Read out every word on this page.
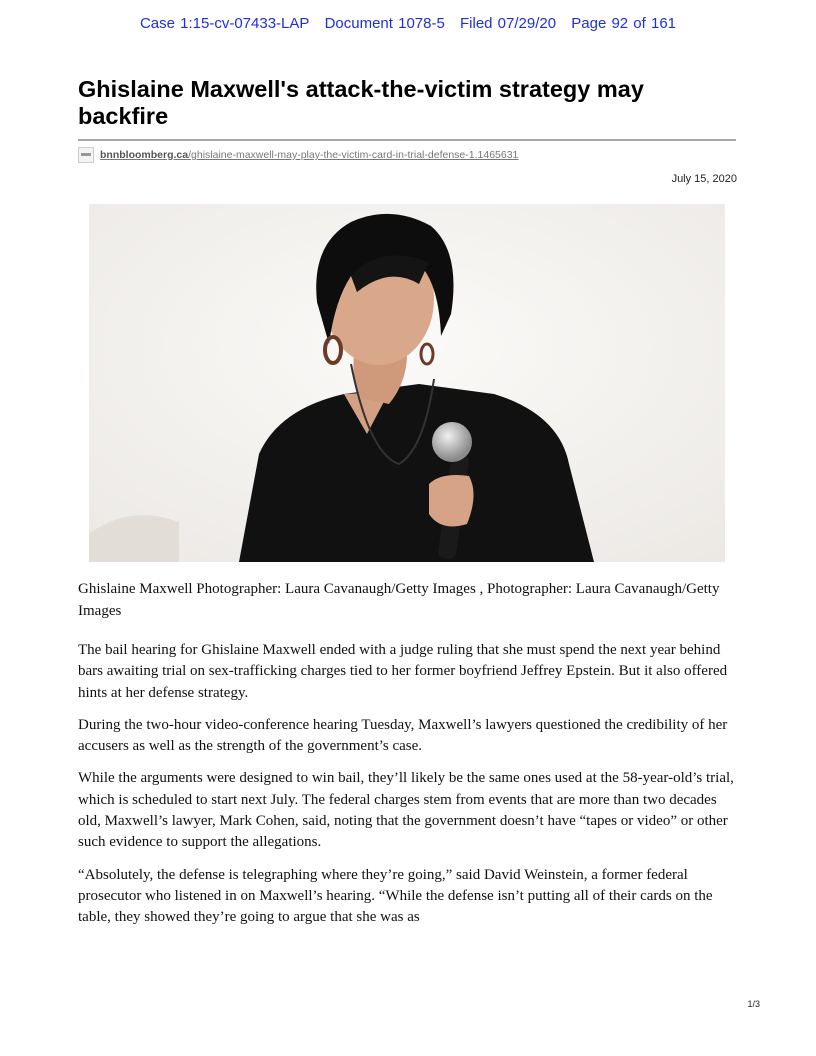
Case 1:15-cv-07433-LAP Document 1078-5 Filed 07/29/20 Page 92 of 161
Ghislaine Maxwell's attack-the-victim strategy may backfire
bnnbloomberg.ca/ghislaine-maxwell-may-play-the-victim-card-in-trial-defense-1.1465631
July 15, 2020
Ghislaine Maxwell Photographer: Laura Cavanaugh/Getty Images , Photographer: Laura Cavanaugh/Getty Images

The bail hearing for Ghislaine Maxwell ended with a judge ruling that she must spend the next year behind bars awaiting trial on sex-trafficking charges tied to her former boyfriend Jeffrey Epstein. But it also offered hints at her defense strategy.

During the two-hour video-conference hearing Tuesday, Maxwell’s lawyers questioned the credibility of her accusers as well as the strength of the government’s case.

While the arguments were designed to win bail, they’ll likely be the same ones used at the 58-year-old’s trial, which is scheduled to start next July. The federal charges stem from events that are more than two decades old, Maxwell’s lawyer, Mark Cohen, said, noting that the government doesn’t have “tapes or video” or other such evidence to support the allegations.

“Absolutely, the defense is telegraphing where they’re going,” said David Weinstein, a former federal prosecutor who listened in on Maxwell’s hearing. “While the defense isn’t putting all of their cards on the table, they showed they’re going to argue that she was as

1/3
